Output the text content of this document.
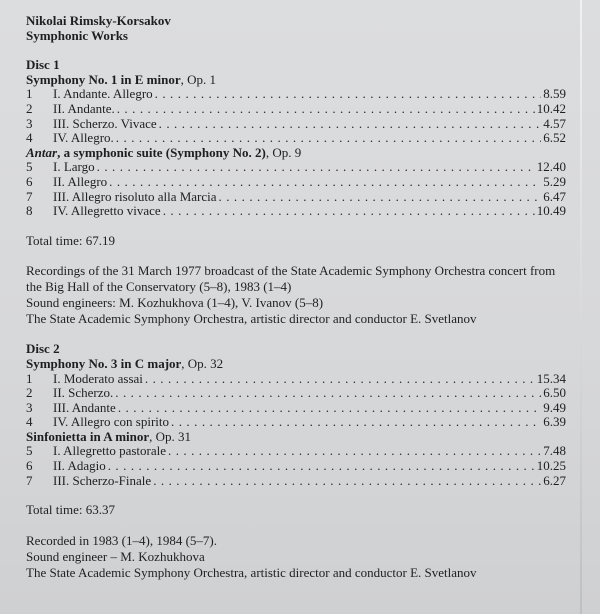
Nikolai Rimsky-Korsakov
Symphonic Works
Disc 1
Symphony No. 1 in E minor, Op. 1
1	I. Andante. Allegro . . .	8.59
2	II. Andante. . . .	10.42
3	III. Scherzo. Vivace . . .	4.57
4	IV. Allegro. . . .	6.52
Antar, a symphonic suite (Symphony No. 2), Op. 9
5	I. Largo . . .	12.40
6	II. Allegro . . .	5.29
7	III. Allegro risoluto alla Marcia . . .	6.47
8	IV. Allegretto vivace . . .	10.49
Total time: 67.19
Recordings of the 31 March 1977 broadcast of the State Academic Symphony Orchestra concert from the Big Hall of the Conservatory (5–8), 1983 (1–4)
Sound engineers: M. Kozhukhova (1–4), V. Ivanov (5–8)
The State Academic Symphony Orchestra, artistic director and conductor E. Svetlanov
Disc 2
Symphony No. 3 in C major, Op. 32
1	I. Moderato assai . . .	15.34
2	II. Scherzo. . . .	6.50
3	III. Andante . . .	9.49
4	IV. Allegro con spirito . . .	6.39
Sinfonietta in A minor, Op. 31
5	I. Allegretto pastorale . . .	7.48
6	II. Adagio . . .	10.25
7	III. Scherzo-Finale . . .	6.27
Total time: 63.37
Recorded in 1983 (1–4), 1984 (5–7).
Sound engineer – M. Kozhukhova
The State Academic Symphony Orchestra, artistic director and conductor E. Svetlanov
